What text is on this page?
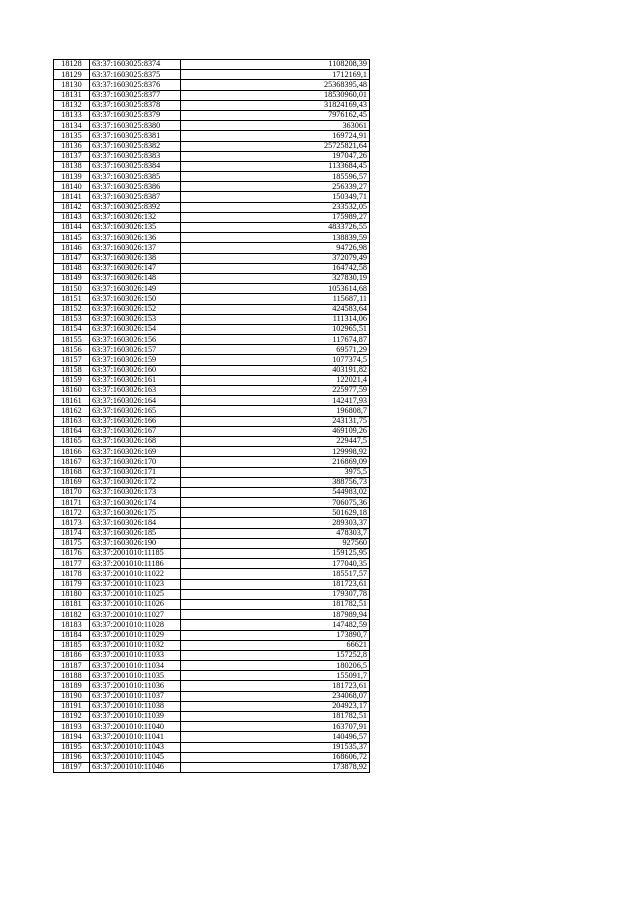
18128	63:37:1603025:8374	1108208,39
18129	63:37:1603025:8375	1712169,1
18130	63:37:1603025:8376	25368395,48
18131	63:37:1603025:8377	18530960,01
18132	63:37:1603025:8378	31824169,43
18133	63:37:1603025:8379	7976162,45
18134	63:37:1603025:8380	363061
18135	63:37:1603025:8381	169724,91
18136	63:37:1603025:8382	25725821,64
18137	63:37:1603025:8383	197047,26
18138	63:37:1603025:8384	1133684,45
18139	63:37:1603025:8385	185596,57
18140	63:37:1603025:8386	256339,27
18141	63:37:1603025:8387	150349,71
18142	63:37:1603025:8392	233532,05
18143	63:37:1603026:132	175989,27
18144	63:37:1603026:135	4833726,55
18145	63:37:1603026:136	138839,59
18146	63:37:1603026:137	94726,98
18147	63:37:1603026:138	372079,49
18148	63:37:1603026:147	164742,58
18149	63:37:1603026:148	327830,19
18150	63:37:1603026:149	1053614,68
18151	63:37:1603026:150	115687,11
18152	63:37:1603026:152	424583,64
18153	63:37:1603026:153	111314,06
18154	63:37:1603026:154	102965,51
18155	63:37:1603026:156	117674,87
18156	63:37:1603026:157	69571,29
18157	63:37:1603026:159	1077374,5
18158	63:37:1603026:160	403191,82
18159	63:37:1603026:161	122021,4
18160	63:37:1603026:163	225977,59
18161	63:37:1603026:164	142417,93
18162	63:37:1603026:165	196808,7
18163	63:37:1603026:166	243131,75
18164	63:37:1603026:167	469109,26
18165	63:37:1603026:168	229447,5
18166	63:37:1603026:169	129998,92
18167	63:37:1603026:170	216869,09
18168	63:37:1603026:171	3975,5
18169	63:37:1603026:172	388756,73
18170	63:37:1603026:173	544983,02
18171	63:37:1603026:174	706075,36
18172	63:37:1603026:175	501629,18
18173	63:37:1603026:184	289303,37
18174	63:37:1603026:185	478303,7
18175	63:37:1603026:190	927560
18176	63:37:2001010:11185	159125,95
18177	63:37:2001010:11186	177040,35
18178	63:37:2001010:11022	185517,57
18179	63:37:2001010:11023	181723,61
18180	63:37:2001010:11025	179307,78
18181	63:37:2001010:11026	181782,51
18182	63:37:2001010:11027	187989,94
18183	63:37:2001010:11028	147482,59
18184	63:37:2001010:11029	173890,7
18185	63:37:2001010:11032	66621
18186	63:37:2001010:11033	157252,8
18187	63:37:2001010:11034	180206,5
18188	63:37:2001010:11035	155091,7
18189	63:37:2001010:11036	181723,61
18190	63:37:2001010:11037	234068,07
18191	63:37:2001010:11038	204923,17
18192	63:37:2001010:11039	181782,51
18193	63:37:2001010:11040	163707,91
18194	63:37:2001010:11041	140496,57
18195	63:37:2001010:11043	191535,37
18196	63:37:2001010:11045	168606,72
18197	63:37:2001010:11046	173878,92
